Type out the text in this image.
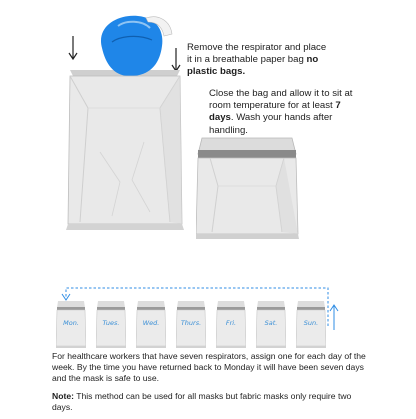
Remove the respirator and place it in a breathable paper bag no plastic bags.
Close the bag and allow it to sit at room temperature for at least 7 days. Wash your hands after handling.
Mon.	Tues.	Wed.	Thurs.	Fri.	Sat.	Sun.
For healthcare workers that have seven respirators, assign one for each day of the week. By the time you have returned back to Monday it will have been seven days and the mask is safe to use.
Note: This method can be used for all masks but fabric masks only require two days.
